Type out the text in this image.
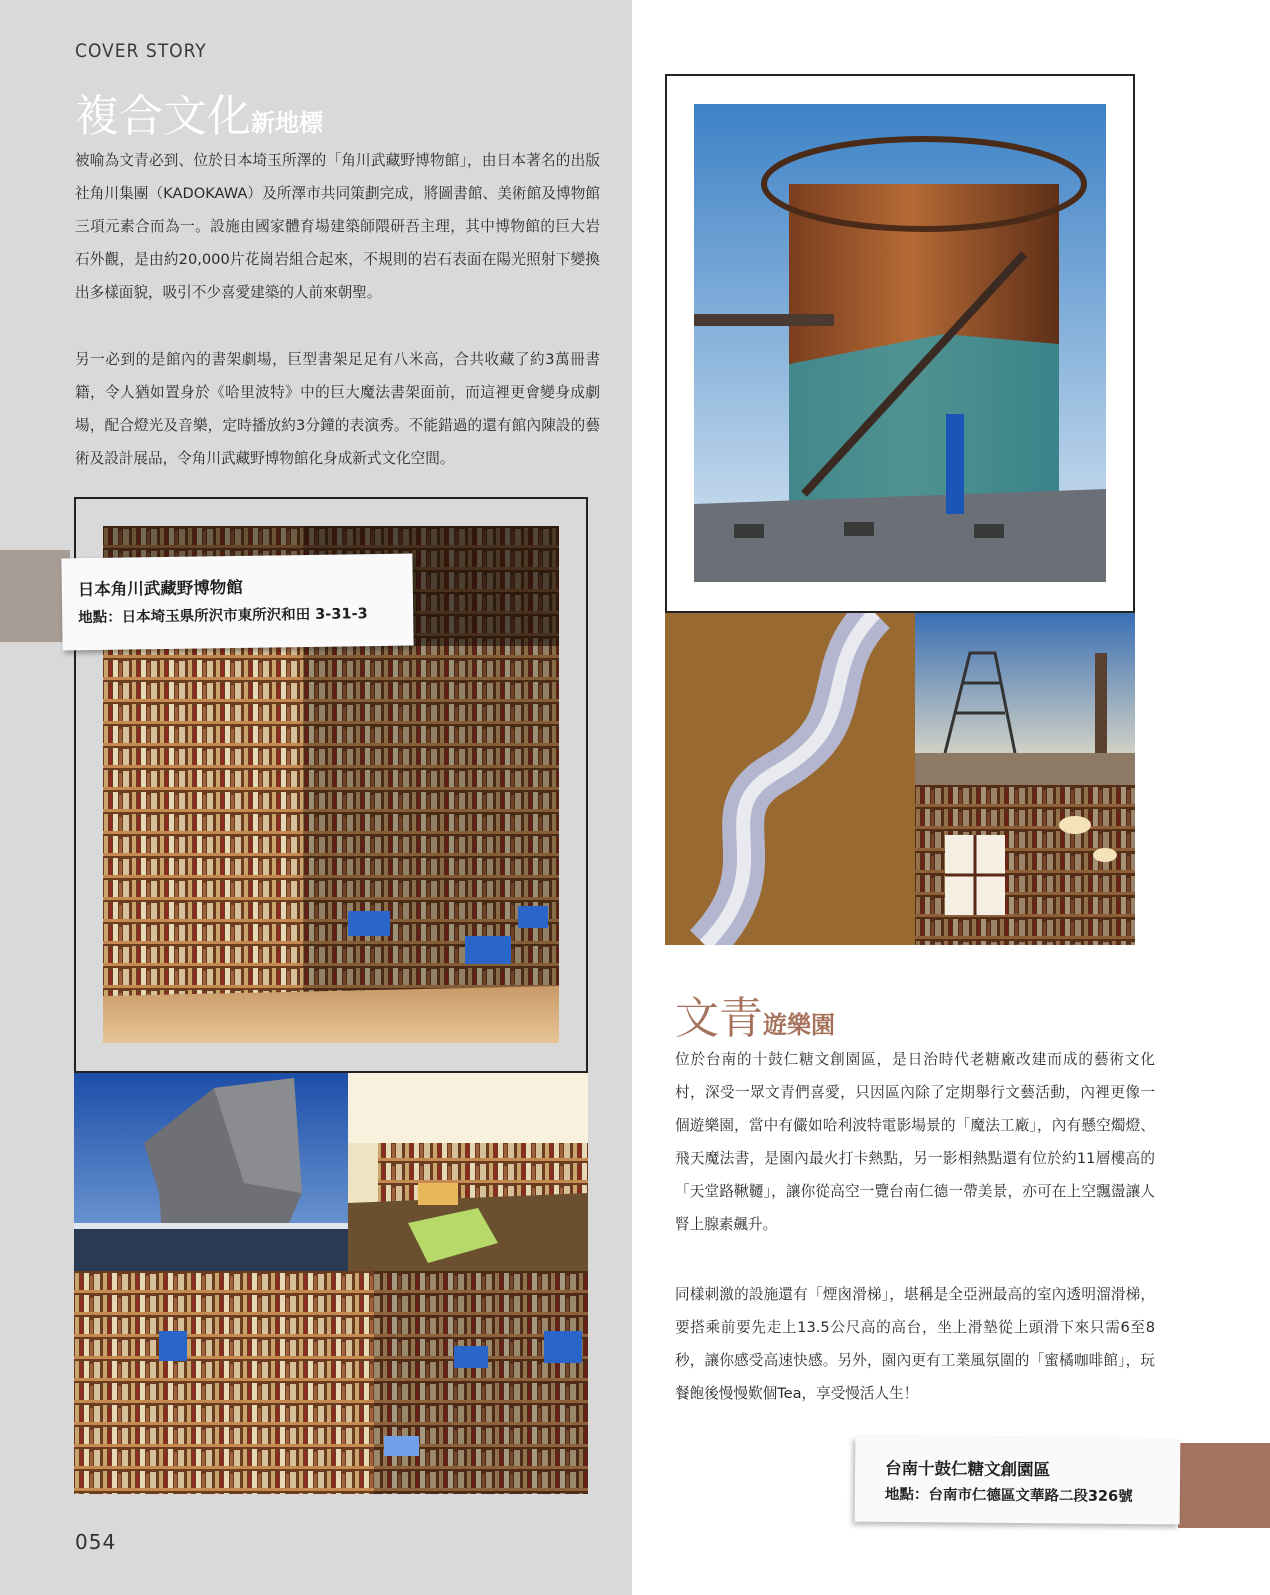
COVER STORY
複合文化新地標
被喻為文青必到、位於日本埼玉所澤的「角川武藏野博物館」，由日本著名的出版社角川集團（KADOKAWA）及所澤市共同策劃完成，將圖書館、美術館及博物館三項元素合而為一。設施由國家體育場建築師隈研吾主理，其中博物館的巨大岩石外觀，是由約20,000片花崗岩組合起來，不規則的岩石表面在陽光照射下變換出多樣面貌，吸引不少喜愛建築的人前來朝聖。
另一必到的是館內的書架劇場，巨型書架足足有八米高，合共收藏了約3萬冊書籍，令人猶如置身於《哈里波特》中的巨大魔法書架面前，而這裡更會變身成劇場，配合燈光及音樂，定時播放約3分鐘的表演秀。不能錯過的還有館內陳設的藝術及設計展品，令角川武藏野博物館化身成新式文化空間。
日本角川武藏野博物館
地點：日本埼玉県所沢市東所沢和田 3-31-3
文青遊樂園
位於台南的十鼓仁糖文創園區，是日治時代老糖廠改建而成的藝術文化村，深受一眾文青們喜愛，只因區內除了定期舉行文藝活動，內裡更像一個遊樂園，當中有儼如哈利波特電影場景的「魔法工廠」，內有懸空燭燈、飛天魔法書，是園內最火打卡熱點，另一影相熱點還有位於約11層樓高的「天堂路鞦韆」，讓你從高空一覽台南仁德一帶美景，亦可在上空飄盪讓人腎上腺素飆升。
同樣刺激的設施還有「煙囪滑梯」，堪稱是全亞洲最高的室內透明溜滑梯，要搭乘前要先走上13.5公尺高的高台，坐上滑墊從上頭滑下來只需6至8秒，讓你感受高速快感。另外，園內更有工業風氛圍的「蜜橘咖啡館」，玩餐飽後慢慢歎個Tea，享受慢活人生！
台南十鼓仁糖文創園區
地點：台南市仁德區文華路二段326號
054
